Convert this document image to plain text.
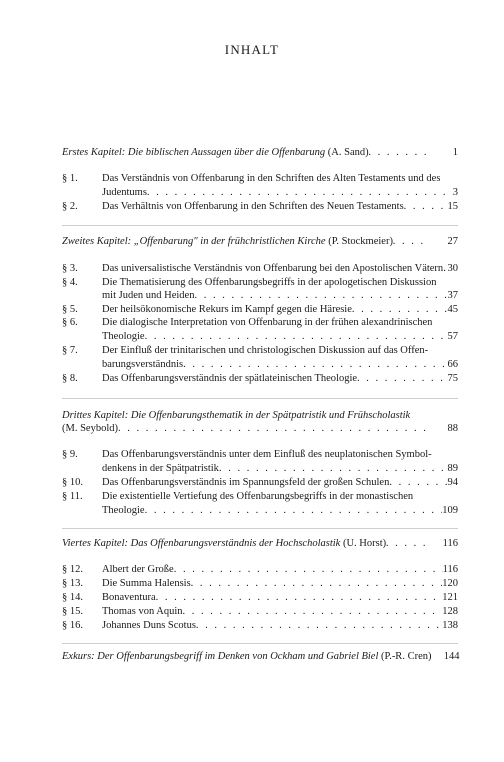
INHALT
Erstes Kapitel: Die biblischen Aussagen über die Offenbarung
(A. Sand) . . .	1
§ 1.	Das Verständnis von Offenbarung in den Schriften des Alten Testaments und des
Judentums . . .	3
§ 2.	Das Verhältnis von Offenbarung in den Schriften des Neuen Testaments . . .	15
Zweites Kapitel: „Offenbarung" in der frühchristlichen Kirche
(P. Stockmeier) . . .	27
§ 3.	Das universalistische Verständnis von Offenbarung bei den Apostolischen Vätern . . . 30
§ 4.	Die Thematisierung des Offenbarungsbegriffs in der apologetischen Diskussion
mit Juden und Heiden . . .	37
§ 5.	Der heilsökonomische Rekurs im Kampf gegen die Häresie . . .	45
§ 6.	Die dialogische Interpretation von Offenbarung in der frühen alexandrinischen
Theologie . . .	57
§ 7.	Der Einfluß der trinitarischen und christologischen Diskussion auf das Offen-
barungsverständnis . . .	66
§ 8.	Das Offenbarungsverständnis der spätlateinischen Theologie . . .	75
Drittes Kapitel: Die Offenbarungsthematik in der Spätpatristik und Frühscholastik
(M. Seybold) . . .	88
§ 9.	Das Offenbarungsverständnis unter dem Einfluß des neuplatonischen Symbol-
denkens in der Spätpatristik . . .	89
§ 10.	Das Offenbarungsverständnis im Spannungsfeld der großen Schulen . . .	94
§ 11.	Die existentielle Vertiefung des Offenbarungsbegriffs in der monastischen
Theologie . . .	109
Viertes Kapitel: Das Offenbarungsverständnis der Hochscholastik
(U. Horst) . . .	116
§ 12.	Albert der Große . . .	116
§ 13.	Die Summa Halensis . . .	120
§ 14.	Bonaventura . . .	121
§ 15.	Thomas von Aquin . . .	128
§ 16.	Johannes Duns Scotus . . .	138
Exkurs: Der Offenbarungsbegriff im Denken von Ockham und Gabriel Biel
(P.-R. Cren)	144
